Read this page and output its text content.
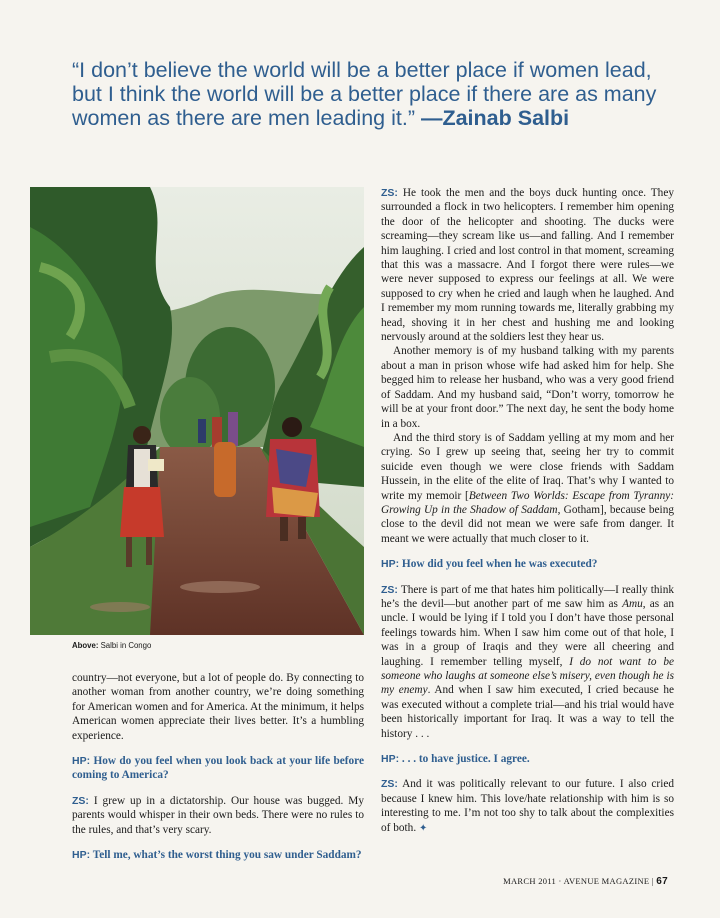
“I don’t believe the world will be a better place if women lead, but I think the world will be a better place if there are as many women as there are men leading it.” —Zainab Salbi
Above: Salbi in Congo

country—not everyone, but a lot of people do. By connecting to another woman from another country, we’re doing something for American women and for America. At the minimum, it helps American women appreciate their lives better. It’s a humbling experience.

HP: How do you feel when you look back at your life before coming to America?

ZS: I grew up in a dictatorship. Our house was bugged. My parents would whisper in their own beds. There were no rules to the rules, and that’s very scary.

HP: Tell me, what’s the worst thing you saw under Saddam?

ZS: He took the men and the boys duck hunting once. They surrounded a flock in two helicopters. I remember him opening the door of the helicopter and shooting. The ducks were screaming—they scream like us—and falling. And I remember him laughing. I cried and lost control in that moment, screaming that this was a massacre. And I forgot there were rules—we were never supposed to express our feelings at all. We were supposed to cry when he cried and laugh when he laughed. And I remember my mom running towards me, literally grabbing my head, shoving it in her chest and hushing me and looking nervously around at the soldiers lest they hear us.

Another memory is of my husband talking with my parents about a man in prison whose wife had asked him for help. She begged him to release her husband, who was a very good friend of Saddam. And my husband said, “Don’t worry, tomorrow he will be at your front door.” The next day, he sent the body home in a box.

And the third story is of Saddam yelling at my mom and her crying. So I grew up seeing that, seeing her try to commit suicide even though we were close friends with Saddam Hussein, in the elite of the elite of Iraq. That’s why I wanted to write my memoir [Between Two Worlds: Escape from Tyranny: Growing Up in the Shadow of Saddam, Gotham], because being close to the devil did not mean we were safe from danger. It meant we were actually that much closer to it.

HP: How did you feel when he was executed?

ZS: There is part of me that hates him politically—I really think he’s the devil—but another part of me saw him as Amu, as an uncle. I would be lying if I told you I don’t have those personal feelings towards him. When I saw him come out of that hole, I was in a group of Iraqis and they were all cheering and laughing. I remember telling myself, I do not want to be someone who laughs at someone else’s misery, even though he is my enemy. And when I saw him executed, I cried because he was executed without a complete trial—and his trial would have been historically important for Iraq. It was a way to tell the history . . .

HP: . . . to have justice. I agree.

ZS: And it was politically relevant to our future. I also cried because I knew him. This love/hate relationship with him is so interesting to me. I’m not too shy to talk about the complexities of both. ✦

MARCH 2011 · AVENUE MAGAZINE | 67
